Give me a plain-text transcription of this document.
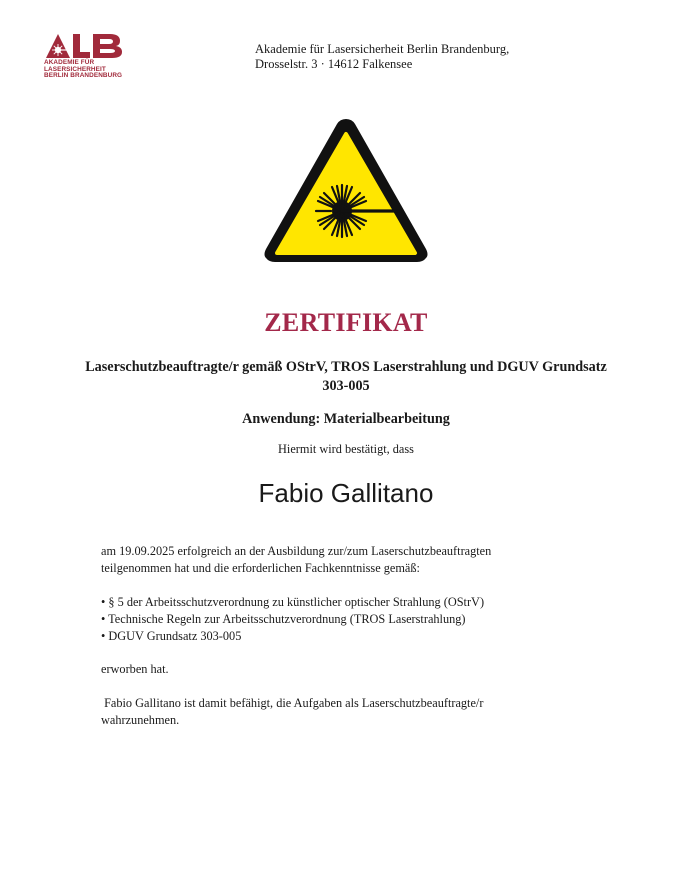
AKADEMIE FÜR
LASERSICHERHEIT
BERLIN BRANDENBURG
Akademie für Lasersicherheit Berlin Brandenburg,
Drosselstr. 3 · 14612 Falkensee
ZERTIFIKAT
Laserschutzbeauftragte/r gemäß OStrV, TROS Laserstrahlung und DGUV Grundsatz 303-005
Anwendung: Materialbearbeitung
Hiermit wird bestätigt, dass
Fabio Gallitano
am 19.09.2025 erfolgreich an der Ausbildung zur/zum Laserschutzbeauftragten
teilgenommen hat und die erforderlichen Fachkenntnisse gemäß:
• § 5 der Arbeitsschutzverordnung zu künstlicher optischer Strahlung (OStrV)
• Technische Regeln zur Arbeitsschutzverordnung (TROS Laserstrahlung)
• DGUV Grundsatz 303-005
erworben hat.
Fabio Gallitano ist damit befähigt, die Aufgaben als Laserschutzbeauftragte/r
wahrzunehmen.
